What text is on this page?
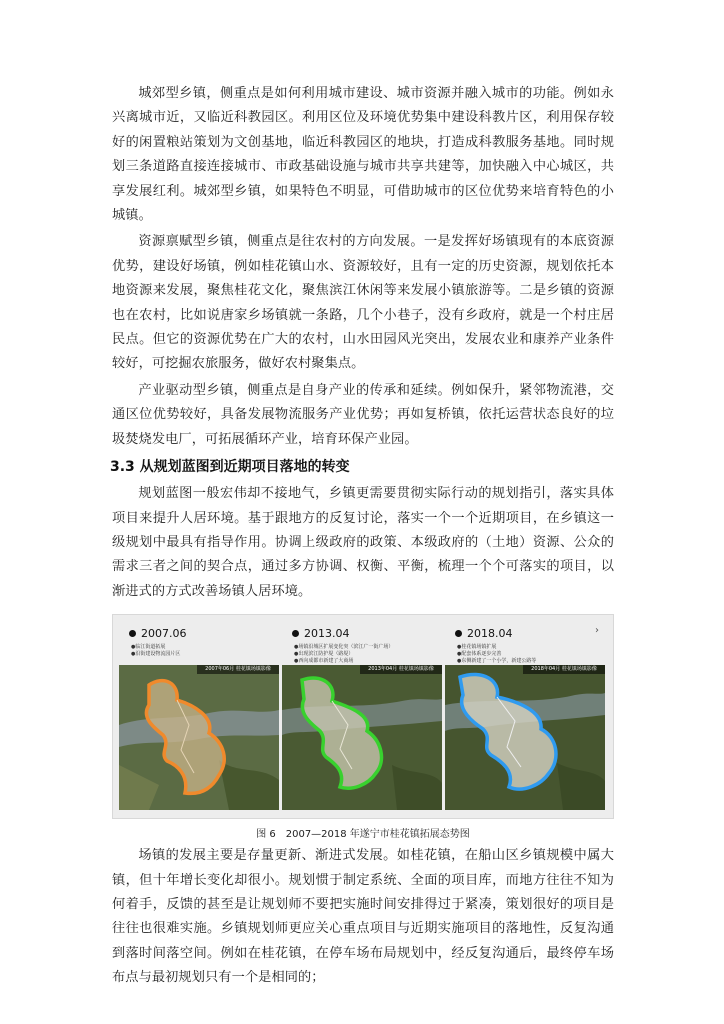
城郊型乡镇，侧重点是如何利用城市建设、城市资源并融入城市的功能。例如永兴离城市近，又临近科教园区。利用区位及环境优势集中建设科教片区，利用保存较好的闲置粮站策划为文创基地，临近科教园区的地块，打造成科教服务基地。同时规划三条道路直接连接城市、市政基础设施与城市共享共建等，加快融入中心城区，共享发展红利。城郊型乡镇，如果特色不明显，可借助城市的区位优势来培育特色的小城镇。

资源禀赋型乡镇，侧重点是往农村的方向发展。一是发挥好场镇现有的本底资源优势，建设好场镇，例如桂花镇山水、资源较好，且有一定的历史资源，规划依托本地资源来发展，聚焦桂花文化，聚焦滨江休闲等来发展小镇旅游等。二是乡镇的资源也在农村，比如说唐家乡场镇就一条路，几个小巷子，没有乡政府，就是一个村庄居民点。但它的资源优势在广大的农村，山水田园风光突出，发展农业和康养产业条件较好，可挖掘农旅服务，做好农村聚集点。

产业驱动型乡镇，侧重点是自身产业的传承和延续。例如保升，紧邻物流港，交通区位优势较好，具备发展物流服务产业优势；再如复桥镇，依托运营状态良好的垃圾焚烧发电厂，可拓展循环产业，培育环保产业园。

3.3 从规划蓝图到近期项目落地的转变

规划蓝图一般宏伟却不接地气，乡镇更需要贯彻实际行动的规划指引，落实具体项目来提升人居环境。基于跟地方的反复讨论，落实一个一个近期项目，在乡镇这一级规划中最具有指导作用。协调上级政府的政策、本级政府的（土地）资源、公众的需求三者之间的契合点，通过多方协调、权衡、平衡，梳理一个个可落实的项目，以渐进式的方式改善场镇人居环境。

2007.06
●临江街道拓展
●沿街建设物流园片区
2007年06月 桂花镇场镇影像
2013.04
●场镇沿城区扩展变化突（滨江广一街广场）
●出现滨江防护堤（路堤）
●西向成都市新建了大商场
2013年04月 桂花镇场镇影像
2018.04
●桂花镇场镇扩展
●配套体系逐步完善
●东侧新建了一个小学，新建公路等
2018年04月 桂花镇场镇影像
›
图 6　2007—2018 年遂宁市桂花镇拓展态势图

场镇的发展主要是存量更新、渐进式发展。如桂花镇，在船山区乡镇规模中属大镇，但十年增长变化却很小。规划惯于制定系统、全面的项目库，而地方往往不知为何着手，反馈的甚至是让规划师不要把实施时间安排得过于紧凑，策划很好的项目是往往也很难实施。乡镇规划师更应关心重点项目与近期实施项目的落地性，反复沟通到落时间落空间。例如在桂花镇，在停车场布局规划中，经反复沟通后，最终停车场布点与最初规划只有一个是相同的；
